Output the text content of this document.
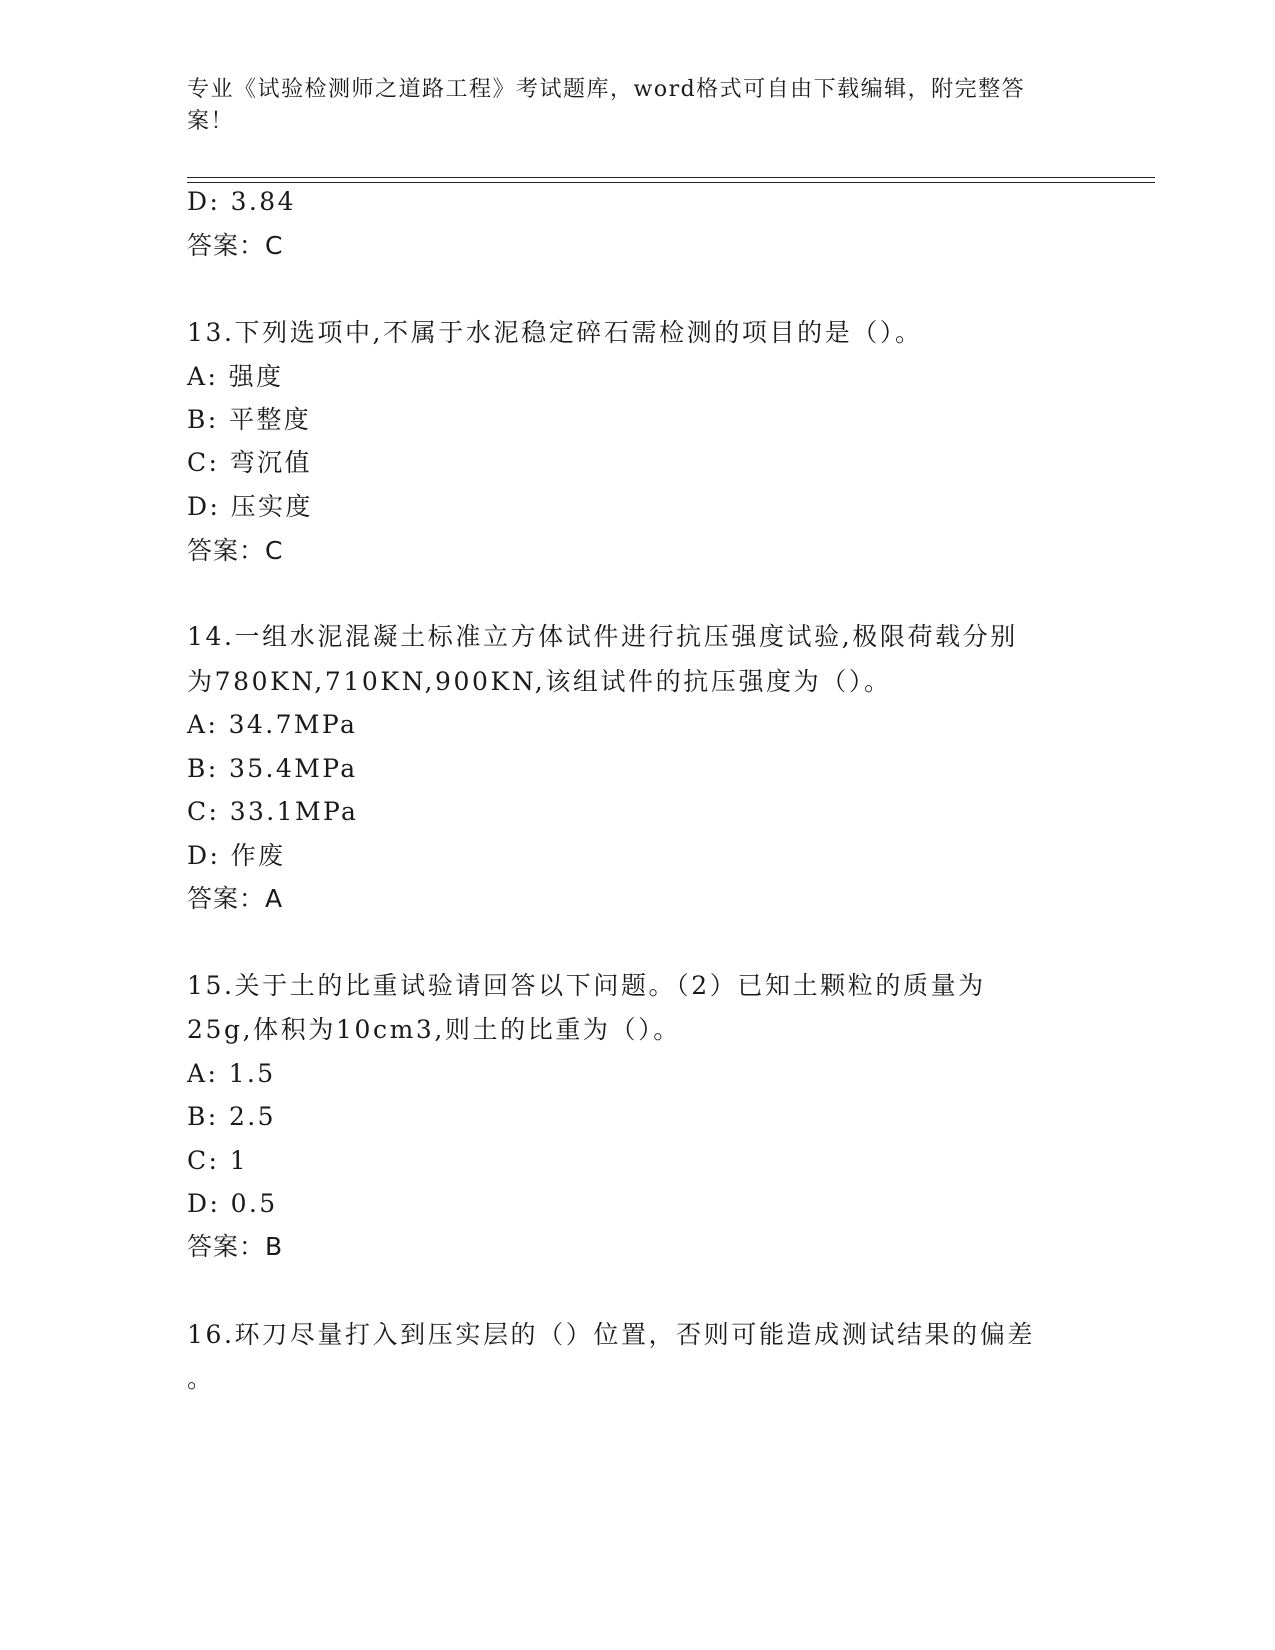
专业《试验检测师之道路工程》考试题库，word格式可自由下载编辑，附完整答案！
D: 3.84
答案：C
13.下列选项中,不属于水泥稳定碎石需检测的项目的是（）。
A: 强度
B: 平整度
C: 弯沉值
D: 压实度
答案：C
14.一组水泥混凝土标准立方体试件进行抗压强度试验,极限荷载分别
为780KN,710KN,900KN,该组试件的抗压强度为（）。
A: 34.7MPa
B: 35.4MPa
C: 33.1MPa
D: 作废
答案：A
15.关于土的比重试验请回答以下问题。（2）已知土颗粒的质量为
25g,体积为10cm3,则土的比重为（）。
A: 1.5
B: 2.5
C: 1
D: 0.5
答案：B
16.环刀尽量打入到压实层的（）位置，否则可能造成测试结果的偏差
。
